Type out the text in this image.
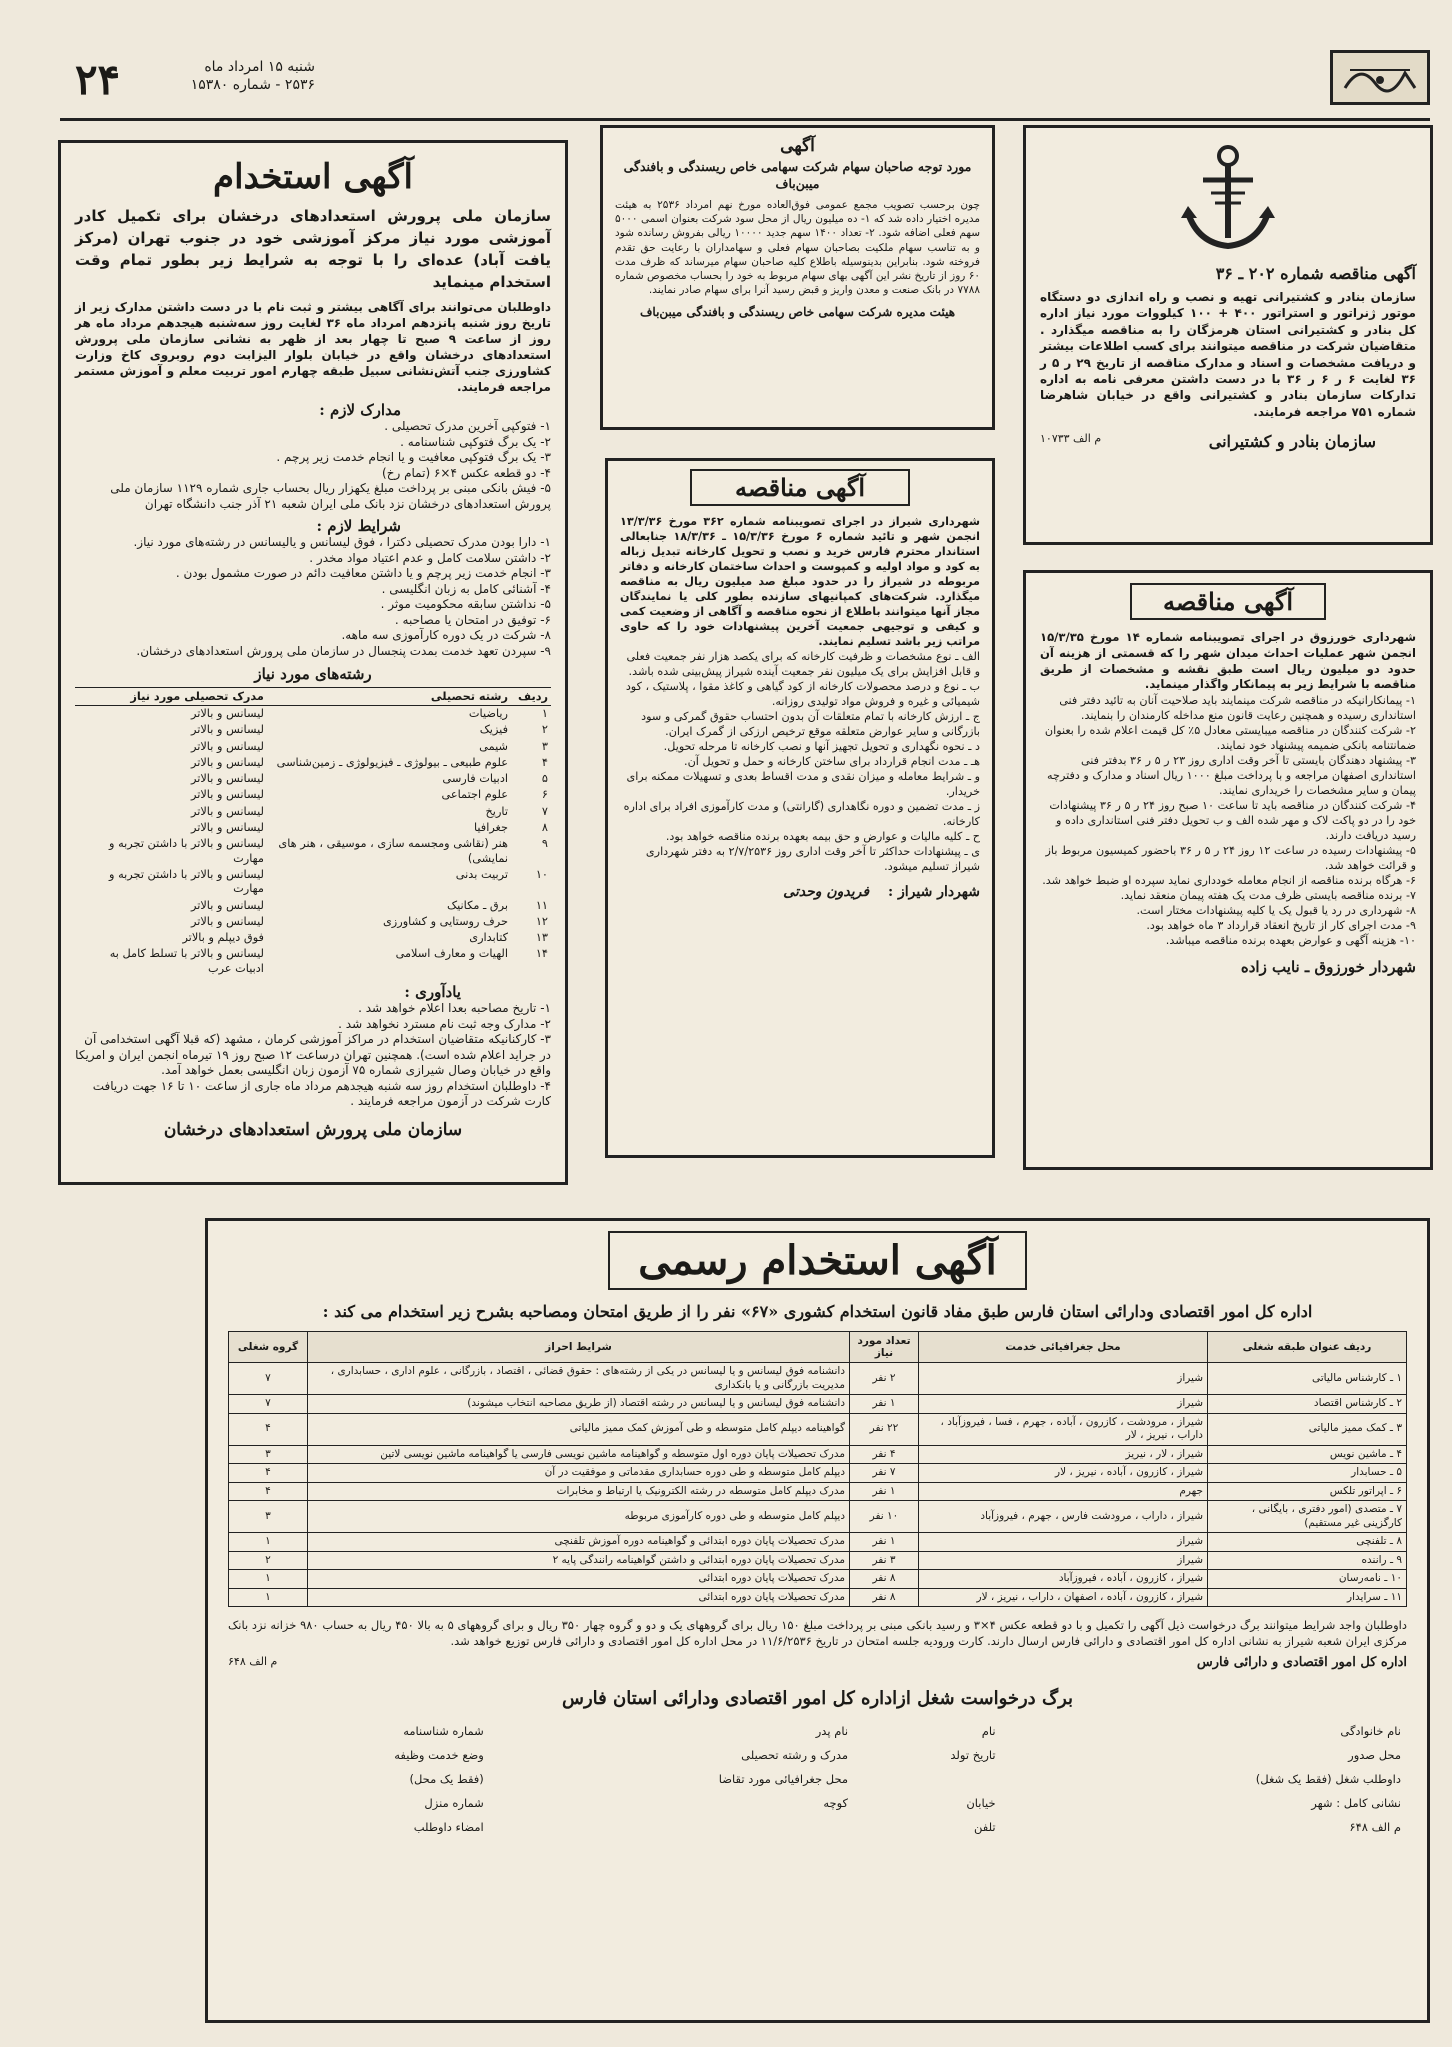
۲۴	شنبه ۱۵ امرداد ماه
۲۵۳۶ - شماره ۱۵۳۸۰
آگهی استخدام
سازمان ملی پرورش استعدادهای درخشان برای تکمیل کادر آموزشی مورد نیاز مرکز آموزشی خود در جنوب تهران (مرکز یافت آباد) عده‌ای را با توجه به شرایط زیر بطور تمام وقت استخدام مینماید
داوطلبان می‌توانند برای آگاهی بیشتر و ثبت نام با در دست داشتن مدارک زیر از تاریخ روز شنبه پانزدهم امرداد ماه ۳۶ لغایت روز سه‌شنبه هیجدهم مرداد ماه هر روز از ساعت ۹ صبح تا چهار بعد از ظهر به نشانی سازمان ملی پرورش استعدادهای درخشان واقع در خیابان بلوار الیزابت دوم روبروی کاخ وزارت کشاورزی جنب آتش‌نشانی سبیل طبقه چهارم امور تربیت معلم و آموزش مستمر مراجعه فرمایند.
مدارک لازم :
۱- فتوکپی آخرین مدرک تحصیلی .
۲- یک برگ فتوکپی شناسنامه .
۳- یک برگ فتوکپی معافیت و یا انجام خدمت زیر پرچم .
۴- دو قطعه عکس ۴×۶ (تمام رخ)
۵- فیش بانکی مبنی بر پرداخت مبلغ یکهزار ریال بحساب جاری شماره ۱۱۲۹ سازمان ملی پرورش استعدادهای درخشان نزد بانک ملی ایران شعبه ۲۱ آذر جنب دانشگاه تهران
شرایط لازم :
۱- دارا بودن مدرک تحصیلی دکترا ، فوق لیسانس و یالیسانس در رشته‌های مورد نیاز.
۲- داشتن سلامت کامل و عدم اعتیاد مواد مخدر .
۳- انجام خدمت زیر پرچم و یا داشتن معافیت دائم در صورت مشمول بودن .
۴- آشنائی کامل به زبان انگلیسی .
۵- نداشتن سابقه محکومیت موثر .
۶- توفیق در امتحان یا مصاحبه .
۸- شرکت در یک دوره کارآموزی سه ماهه.
۹- سپردن تعهد خدمت بمدت پنجسال در سازمان ملی پرورش استعدادهای درخشان.
رشته‌های مورد نیاز
ردیف	رشته تحصیلی	مدرک تحصیلی مورد نیاز
۱	ریاضیات	لیسانس و بالاتر
۲	فیزیک	لیسانس و بالاتر
۳	شیمی	لیسانس و بالاتر
۴	علوم طبیعی ـ بیولوژی ـ فیزیولوژی ـ زمین‌شناسی	لیسانس و بالاتر
۵	ادبیات فارسی	لیسانس و بالاتر
۶	علوم اجتماعی	لیسانس و بالاتر
۷	تاریخ	لیسانس و بالاتر
۸	جغرافیا	لیسانس و بالاتر
۹	هنر (نقاشی ومجسمه سازی ، موسیقی ، هنر های نمایشی)	لیسانس و بالاتر با داشتن تجربه و مهارت
۱۰	تربیت بدنی	لیسانس و بالاتر با داشتن تجربه و مهارت
۱۱	برق ـ مکانیک	لیسانس و بالاتر
۱۲	حرف روستایی و کشاورزی	لیسانس و بالاتر
۱۳	کتابداری	فوق دیپلم و بالاتر
۱۴	الهیات و معارف اسلامی	لیسانس و بالاتر با تسلط کامل به ادبیات عرب
یادآوری :
۱- تاریخ مصاحبه بعدا اعلام خواهد شد .
۲- مدارک وجه ثبت نام مسترد نخواهد شد .
۳- کارکنانیکه متقاضیان استخدام در مراکز آموزشی کرمان ، مشهد (که قبلا آگهی استخدامی آن در جراید اعلام شده است). همچنین تهران درساعت ۱۲ صبح روز ۱۹ تیرماه انجمن ایران و امریکا واقع در خیابان وصال شیرازی شماره ۷۵ آزمون زبان انگلیسی بعمل خواهد آمد.
۴- داوطلبان استخدام روز سه شنبه هیجدهم مرداد ماه جاری از ساعت ۱۰ تا ۱۶ جهت دریافت کارت شرکت در آزمون مراجعه فرمایند .
سازمان ملی پرورش استعدادهای درخشان
آگهی
مورد توجه صاحبان سهام شرکت سهامی خاص ریسندگی و بافندگی میبن‌باف
چون برحسب تصویب مجمع عمومی فوق‌العاده مورخ نهم امرداد ۲۵۳۶ به هیئت مدیره اختیار داده شد که ۱- ده میلیون ریال از محل سود شرکت بعنوان اسمی ۵۰۰۰ سهم فعلی اضافه شود. ۲- تعداد ۱۴۰۰ سهم جدید ۱۰۰۰۰ ریالی بفروش رسانده شود و به تناسب سهام ملکیت بصاحبان سهام فعلی و سهامداران با رعایت حق تقدم فروخته شود. بنابراین بدینوسیله باطلاع کلیه صاحبان سهام میرساند که ظرف مدت ۶۰ روز از تاریخ نشر این آگهی بهای سهام مربوط به خود را بحساب مخصوص شماره ۷۷۸۸ در بانک صنعت و معدن واریز و قبض رسید آنرا برای سهام صادر نمایند.
هیئت مدیره شرکت سهامی خاص ریسندگی و بافندگی میبن‌باف
آگهی مناقصه
شهرداری شیراز در اجرای تصویبنامه شماره ۳۶۲ مورخ ۱۳/۳/۳۶ انجمن شهر و تائید شماره ۶ مورخ ۱۵/۳/۳۶ ـ ۱۸/۳/۳۶ جنابعالی استاندار محترم فارس خرید و نصب و تحویل کارخانه تبدیل زباله به کود و مواد اولیه و کمپوست و احداث ساختمان کارخانه و دفاتر مربوطه در شیراز را در حدود مبلغ صد میلیون ریال به مناقصه میگذارد. شرکت‌های کمپانیهای سازنده بطور کلی یا نمایندگان مجاز آنها میتوانند باطلاع از نحوه مناقصه و آگاهی از وضعیت کمی و کیفی و توجیهی جمعیت آخرین پیشنهادات خود را که حاوی مراتب زیر باشد تسلیم نمایند.
الف ـ نوع مشخصات و ظرفیت کارخانه که برای یکصد هزار نفر جمعیت فعلی و قابل افزایش برای یک میلیون نفر جمعیت آینده شیراز پیش‌بینی شده باشد.
ب ـ نوع و درصد محصولات کارخانه از کود گیاهی و کاغذ مقوا ، پلاستیک ، کود شیمیائی و غیره و فروش مواد تولیدی روزانه.
ج ـ ارزش کارخانه با تمام متعلقات آن بدون احتساب حقوق گمرکی و سود بازرگانی و سایر عوارض متعلقه موقع ترخیص ارزکی از گمرک ایران.
د ـ نحوه نگهداری و تحویل تجهیز آنها و نصب کارخانه تا مرحله تحویل.
هـ ـ مدت انجام قرارداد برای ساختن کارخانه و حمل و تحویل آن.
و ـ شرایط معامله و میزان نقدی و مدت اقساط بعدی و تسهیلات ممکنه برای خریدار.
ز ـ مدت تضمین و دوره نگاهداری (گارانتی) و مدت کارآموزی افراد برای اداره کارخانه.
ح ـ کلیه مالیات و عوارض و حق بیمه بعهده برنده مناقصه خواهد بود.
ی ـ پیشنهادات حداکثر تا آخر وقت اداری روز ۲/۷/۲۵۳۶ به دفتر شهرداری شیراز تسلیم میشود.
شهردار شیراز : فریدون وحدتی
آگهی مناقصه شماره ۲۰۲ ـ ۳۶
سازمان بنادر و کشتیرانی تهیه و نصب و راه اندازی دو دستگاه موتور ژنراتور و استراتور ۴۰۰ + ۱۰۰ کیلووات مورد نیاز اداره کل بنادر و کشتیرانی استان هرمزگان را به مناقصه میگذارد . متقاضیان شرکت در مناقصه میتوانند برای کسب اطلاعات بیشتر و دریافت مشخصات و اسناد و مدارک مناقصه از تاریخ ۲۹ ر ۵ ر ۳۶ لغایت ۶ ر ۶ ر ۳۶ با در دست داشتن معرفی نامه به اداره تدارکات سازمان بنادر و کشتیرانی واقع در خیابان شاهرضا شماره ۷۵۱ مراجعه فرمایند.
سازمان بنادر و کشتیرانی
م الف ۱۰۷۳۳
آگهی مناقصه
شهرداری خورزوق در اجرای تصویبنامه شماره ۱۴ مورخ ۱۵/۳/۳۵ انجمن شهر عملیات احداث میدان شهر را که قسمتی از هزینه آن حدود دو میلیون ریال است طبق نقشه و مشخصات از طریق مناقصه با شرایط زیر به پیمانکار واگذار مینماید.
۱- پیمانکارانیکه در مناقصه شرکت مینمایند باید صلاحیت آنان به تائید دفتر فنی استانداری رسیده و همچنین رعایت قانون منع مداخله کارمندان را بنمایند.
۲- شرکت کنندگان در مناقصه میبایستی معادل ۵٪ کل قیمت اعلام شده را بعنوان ضمانتنامه بانکی ضمیمه پیشنهاد خود نمایند.
۳- پیشنهاد دهندگان بایستی تا آخر وقت اداری روز ۲۳ ر ۵ ر ۳۶ بدفتر فنی استانداری اصفهان مراجعه و با پرداخت مبلغ ۱۰۰۰ ریال اسناد و مدارک و دفترچه پیمان و سایر مشخصات را خریداری نمایند.
۴- شرکت کنندگان در مناقصه باید تا ساعت ۱۰ صبح روز ۲۴ ر ۵ ر ۳۶ پیشنهادات خود را در دو پاکت لاک و مهر شده الف و ب تحویل دفتر فنی استانداری داده و رسید دریافت دارند.
۵- پیشنهادات رسیده در ساعت ۱۲ روز ۲۴ ر ۵ ر ۳۶ باحضور کمیسیون مربوط باز و قرائت خواهد شد.
۶- هرگاه برنده مناقصه از انجام معامله خودداری نماید سپرده او ضبط خواهد شد.
۷- برنده مناقصه بایستی ظرف مدت یک هفته پیمان منعقد نماید.
۸- شهرداری در رد یا قبول یک یا کلیه پیشنهادات مختار است.
۹- مدت اجرای کار از تاریخ انعقاد قرارداد ۳ ماه خواهد بود.
۱۰- هزینه آگهی و عوارض بعهده برنده مناقصه میباشد.
شهردار خورزوق ـ نایب زاده
آگهی استخدام رسمی
اداره کل امور اقتصادی ودارائی استان فارس طبق مفاد قانون استخدام کشوری «۶۷» نفر را از طریق امتحان ومصاحبه بشرح زیر استخدام می کند :
ردیف عنوان طبقه شغلی	محل جغرافیائی خدمت	تعداد مورد نیاز	شرایط احراز	گروه شغلی
۱ ـ کارشناس مالیاتی	شیراز	۲ نفر	دانشنامه فوق لیسانس و یا لیسانس در یکی از رشته‌های : حقوق قضائی ، اقتصاد ، بازرگانی ، علوم اداری ، حسابداری ، مدیریت بازرگانی و یا بانکداری	۷
۲ ـ کارشناس اقتصاد	شیراز	۱ نفر	دانشنامه فوق لیسانس و یا لیسانس در رشته اقتصاد (از طریق مصاحبه انتخاب میشوند)	۷
۳ ـ کمک ممیز مالیاتی	شیراز ، مرودشت ، کازرون ، آباده ، جهرم ، فسا ، فیروزآباد ، داراب ، نیریز ، لار	۲۲ نفر	گواهینامه دیپلم کامل متوسطه و طی آموزش کمک ممیز مالیاتی	۴
۴ ـ ماشین نویس	شیراز ، لار ، نیریز	۴ نفر	مدرک تحصیلات پایان دوره اول متوسطه و گواهینامه ماشین نویسی فارسی یا گواهینامه ماشین نویسی لاتین	۳
۵ ـ حسابدار	شیراز ، کازرون ، آباده ، نیریز ، لار	۷ نفر	دیپلم کامل متوسطه و طی دوره حسابداری مقدماتی و موفقیت در آن	۴
۶ ـ اپراتور تلکس	جهرم	۱ نفر	مدرک دیپلم کامل متوسطه در رشته الکترونیک یا ارتباط و مخابرات	۴
۷ ـ متصدی (امور دفتری ، بایگانی ، کارگزینی غیر مستقیم)	شیراز ، داراب ، مرودشت فارس ، جهرم ، فیروزآباد	۱۰ نفر	دیپلم کامل متوسطه و طی دوره کارآموزی مربوطه	۳
۸ ـ تلفنچی	شیراز	۱ نفر	مدرک تحصیلات پایان دوره ابتدائی و گواهینامه دوره آموزش تلفنچی	۱
۹ ـ راننده	شیراز	۳ نفر	مدرک تحصیلات پایان دوره ابتدائی و داشتن گواهینامه رانندگی پایه ۲	۲
۱۰ ـ نامه‌رسان	شیراز ، کازرون ، آباده ، فیروزآباد	۸ نفر	مدرک تحصیلات پایان دوره ابتدائی	۱
۱۱ ـ سرایدار	شیراز ، کازرون ، آباده ، اصفهان ، داراب ، نیریز ، لار	۸ نفر	مدرک تحصیلات پایان دوره ابتدائی	۱
داوطلبان واجد شرایط میتوانند برگ درخواست ذیل آگهی را تکمیل و با دو قطعه عکس ۴×۳ و رسید بانکی مبنی بر پرداخت مبلغ ۱۵۰ ریال برای گروههای یک و دو و گروه چهار ۳۵۰ ریال و برای گروههای ۵ به بالا ۴۵۰ ریال به حساب ۹۸۰ خزانه نزد بانک مرکزی ایران شعبه شیراز به نشانی اداره کل امور اقتصادی و دارائی فارس ارسال دارند. کارت ورودیه جلسه امتحان در تاریخ ۱۱/۶/۲۵۳۶ در محل اداره کل امور اقتصادی و دارائی فارس توزیع خواهد شد.
اداره کل امور اقتصادی و دارائی فارس
م الف ۶۴۸
برگ درخواست شغل ازاداره کل امور اقتصادی ودارائی استان فارس
نام خانوادگی	نام	نام پدر	شماره شناسنامه
محل صدور	تاریخ تولد	مدرک و رشته تحصیلی	وضع خدمت وظیفه
داوطلب شغل (فقط یک شغل)		محل جغرافیائی مورد تقاضا	(فقط یک محل)
نشانی کامل : شهر	خیابان	کوچه	شماره منزل
م الف ۶۴۸	تلفن		امضاء داوطلب
